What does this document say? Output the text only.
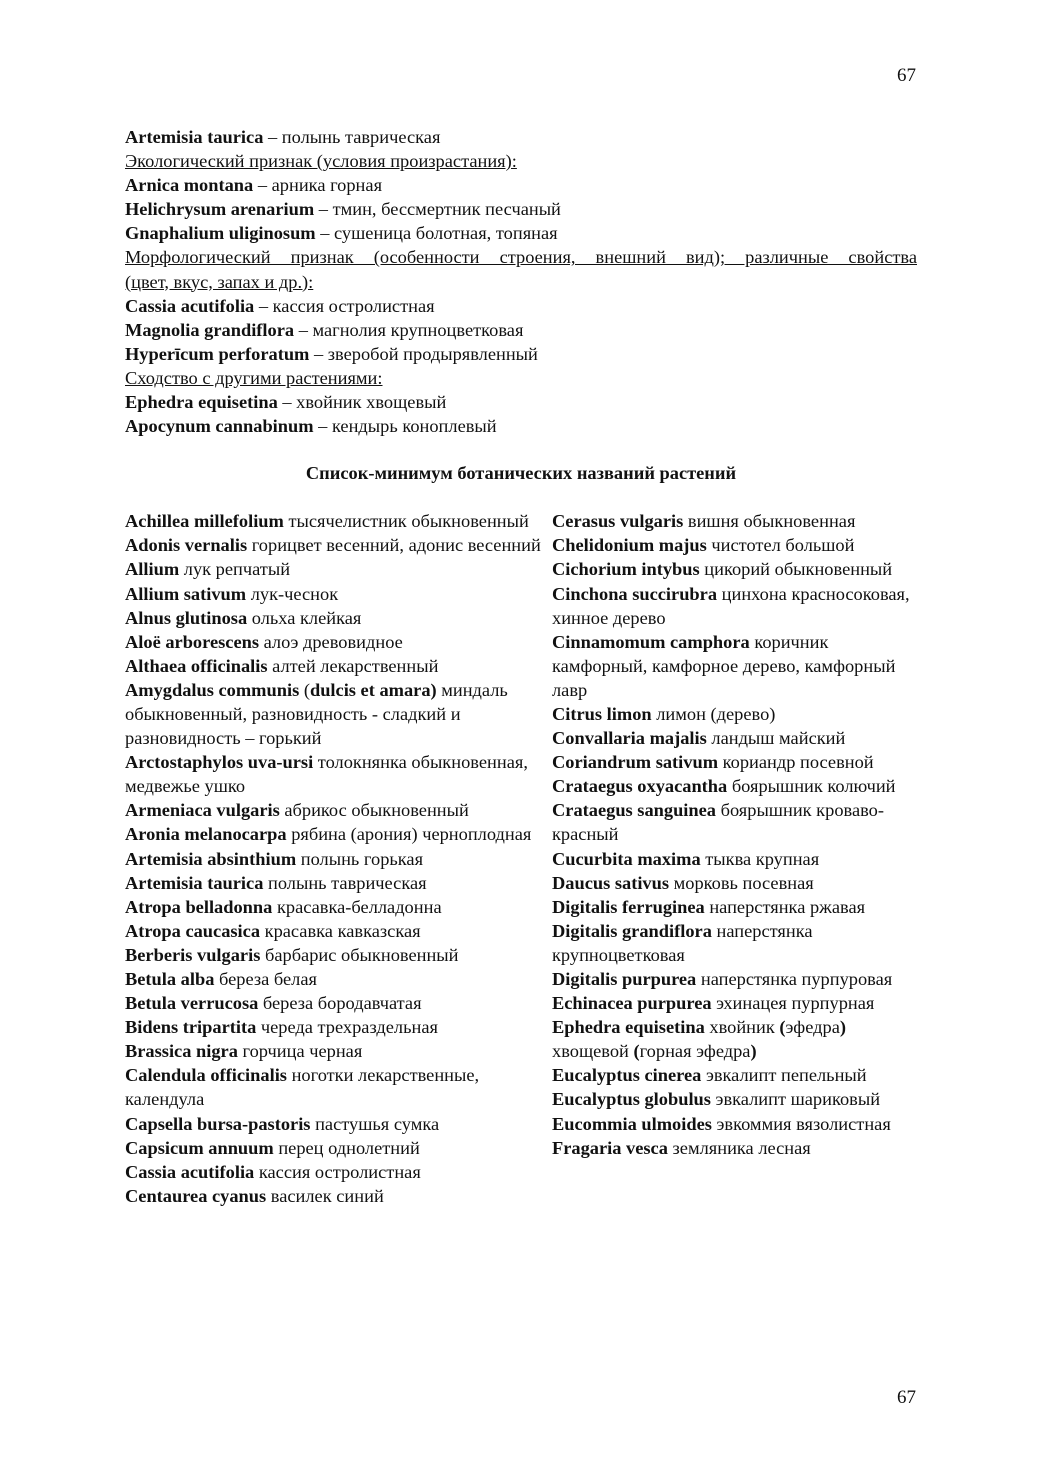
67
Artemisia taurica – полынь таврическая
Экологический признак (условия произрастания):
Arnica montana – арника горная
Helichrysum arenarium – тмин, бессмертник песчаный
Gnaphalium uliginosum – сушеница болотная, топяная
Морфологический признак (особенности строения, внешний вид); различные свойства
(цвет, вкус, запах и др.):
Cassia acutifolia – кассия остролистная
Magnolia grandiflora – магнолия крупноцветковая
Hyperīcum perforatum – зверобой продырявленный
Сходство с другими растениями:
Ephedra equisetina – хвойник хвощевый
Apocynum cannabinum – кендырь коноплевый
Список-минимум ботанических названий растений
Achillea millefolium тысячелистник обыкновенный
Adonis vernalis горицвет весенний, адонис весенний
Allium лук репчатый
Allium sativum лук-чеснок
Alnus glutinosa ольха клейкая
Aloё arborescens алоэ древовидное
Althaea officinalis алтей лекарственный
Amygdalus communis (dulcis et amara) миндаль обыкновенный, разновидность - сладкий и разновидность – горький
Arctostaphylos uva-ursi толокнянка обыкновенная, медвежье ушко
Armeniaca vulgaris абрикос обыкновенный
Aronia melanocarpa рябина (арония) черноплодная
Artemisia absinthium полынь горькая
Artemisia taurica полынь таврическая
Atropa belladonna красавка-белладонна
Atropa caucasica красавка кавказская
Berberis vulgaris барбарис обыкновенный
Betula alba береза белая
Betula verrucosa береза бородавчатая
Bidens tripartita череда трехраздельная
Brassica nigra горчица черная
Calendula officinalis ноготки лекарственные, календула
Capsella bursa-pastoris пастушья сумка
Capsicum annuum перец однолетний
Cassia acutifolia кассия остролистная
Centaurea cyanus василек синий
Cerasus vulgaris вишня обыкновенная
Chelidonium majus чистотел большой
Cichorium intybus цикорий обыкновенный
Cinchona succirubra цинхона красносоковая, хинное дерево
Cinnamomum camphora коричник камфорный, камфорное дерево, камфорный лавр
Citrus limon лимон (дерево)
Convallaria majalis ландыш майский
Coriandrum sativum кориандр посевной
Crataegus oxyacantha боярышник колючий
Crataegus sanguinea боярышник кроваво-красный
Cucurbita maxima тыква крупная
Daucus sativus морковь посевная
Digitalis ferruginea наперстянка ржавая
Digitalis grandiflora наперстянка крупноцветковая
Digitalis purpurea наперстянка пурпуровая
Echinacea purpurea эхинацея пурпурная
Ephedra equisetina хвойник (эфедра) хвощевой (горная эфедра)
Eucalyptus cinerea эвкалипт пепельный
Eucalyptus globulus эвкалипт шариковый
Eucommia ulmoides эвкоммия вязолистная
Fragaria vesca земляника лесная
67
